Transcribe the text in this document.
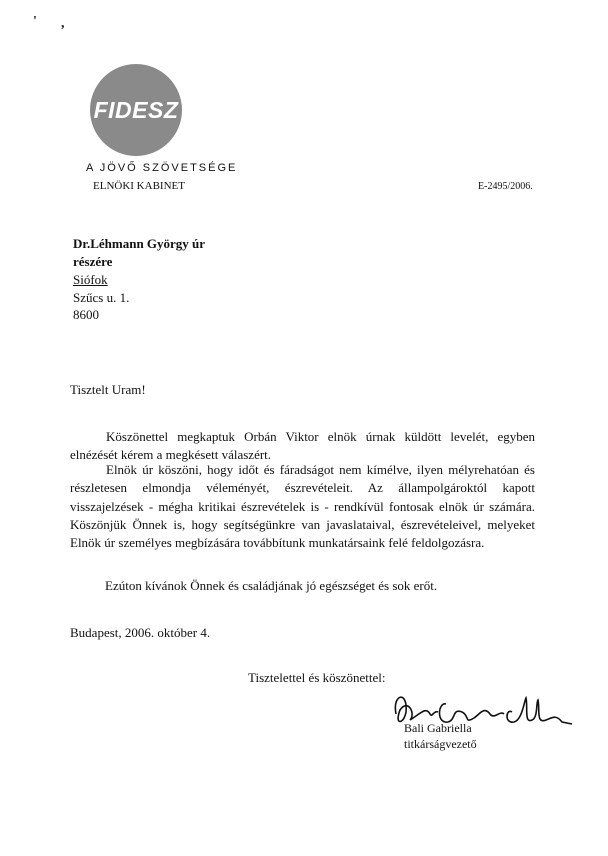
' ,
FIDESZ
A JÖVŐ SZÖVETSÉGE
ELNÖKI KABINET	E-2495/2006.
Dr.Léhmann György úr
részére
Siófok
Szűcs u. 1.
8600
Tisztelt Uram!
Köszönettel megkaptuk Orbán Viktor elnök úrnak küldött levelét, egyben elnézését kérem a megkésett válaszért.
Elnök úr köszöni, hogy időt és fáradságot nem kímélve, ilyen mélyrehatóan és részletesen elmondja véleményét, észrevételeit. Az állampolgároktól kapott visszajelzések - mégha kritikai észrevételek is - rendkívül fontosak elnök úr számára. Köszönjük Önnek is, hogy segítségünkre van javaslataival, észrevételeivel, melyeket Elnök úr személyes megbízására továbbítunk munkatársaink felé feldolgozásra.
Ezúton kívánok Önnek és családjának jó egészséget és sok erőt.
Budapest, 2006. október 4.
Tisztelettel és köszönettel:
Bali Gabriella
titkárságvezető
